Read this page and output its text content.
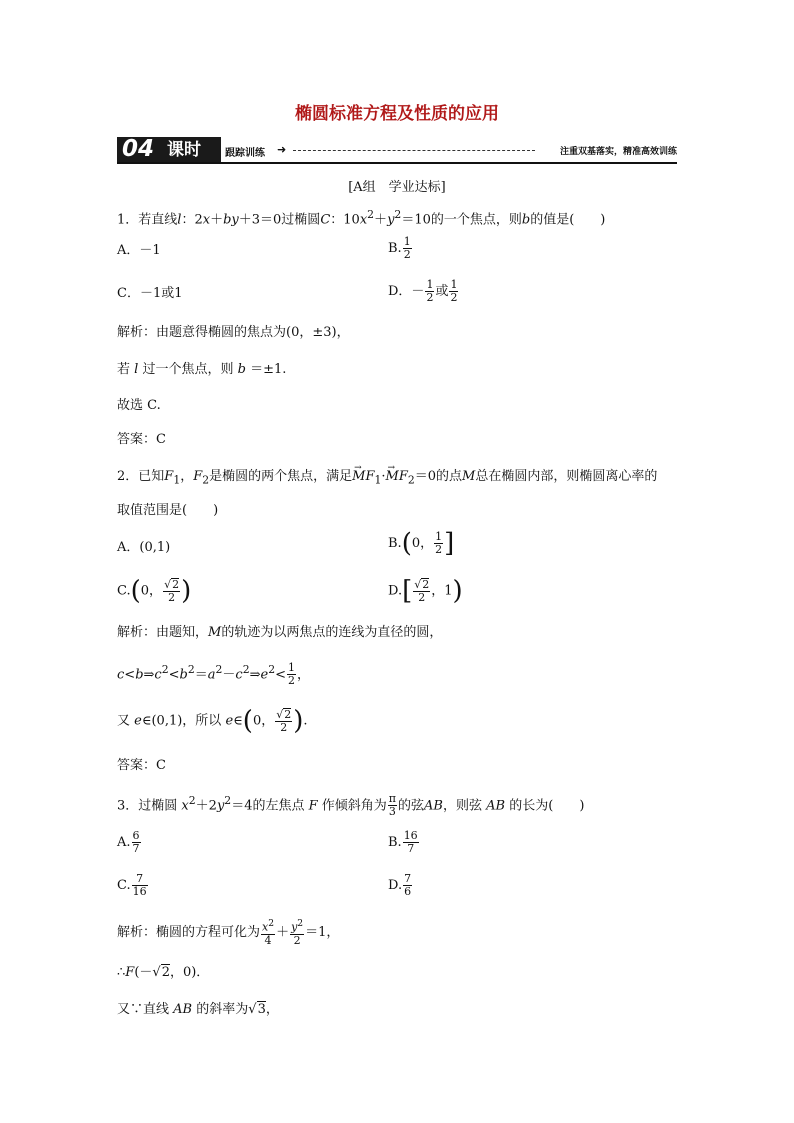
椭圆标准方程及性质的应用
04 课时 跟踪训练 ➜	注重双基落实，精准高效训练
[A组　学业达标]
1．若直线l：2x＋by＋3＝0过椭圆C：$10x^2+y^2=10$的一个焦点，则b的值是(　　)
A．－1	B. $\frac{1}{2}$
C．－1或1	D．－ $\frac{1}{2}$ 或 $\frac{1}{2}$
解析：由题意得椭圆的焦点为(0，±3)，
若 l 过一个焦点，则 b ＝±1.
故选 C.
答案：C
2．已知$F_1$，$F_2$是椭圆的两个焦点，满足→ $MF_1\cdot\to MF_2=0$的点M总在椭圆内部，则椭圆离心率的
取值范围是(　　)
A．(0,1)	B.(0， $\frac{1}{2}$ ]
C.(0， $\frac{√2}{2}$ )	$D.[ \frac{√2}{2}$ ，1)
解析：由题知，M的轨迹为以两焦点的连线为直径的圆，
$c<b\Rightarrow c^2<b^2=a^2-c^2\Rightarrow e^2< \frac{1}{2}$ ，
又 e∈(0,1)，所以 e∈(0， $\frac{√2}{2}$ ).
答案：C
3．过椭圆 $x^2+2y^2=4$的左焦点 F 作倾斜角为 $\frac{\pi}{3}$ 的弦AB，则弦 AB 的长为(　　)
A. $\frac{6}{7}$	B. $\frac{16}{7}$
C. $\frac{7}{16}$	D. $\frac{7}{6}$
解析：椭圆的方程可化为 $\frac{x^2}{4} + \frac{y^2}{2} =1$，
∴F(－√2，0)．
又∵直线 AB 的斜率为√3，
